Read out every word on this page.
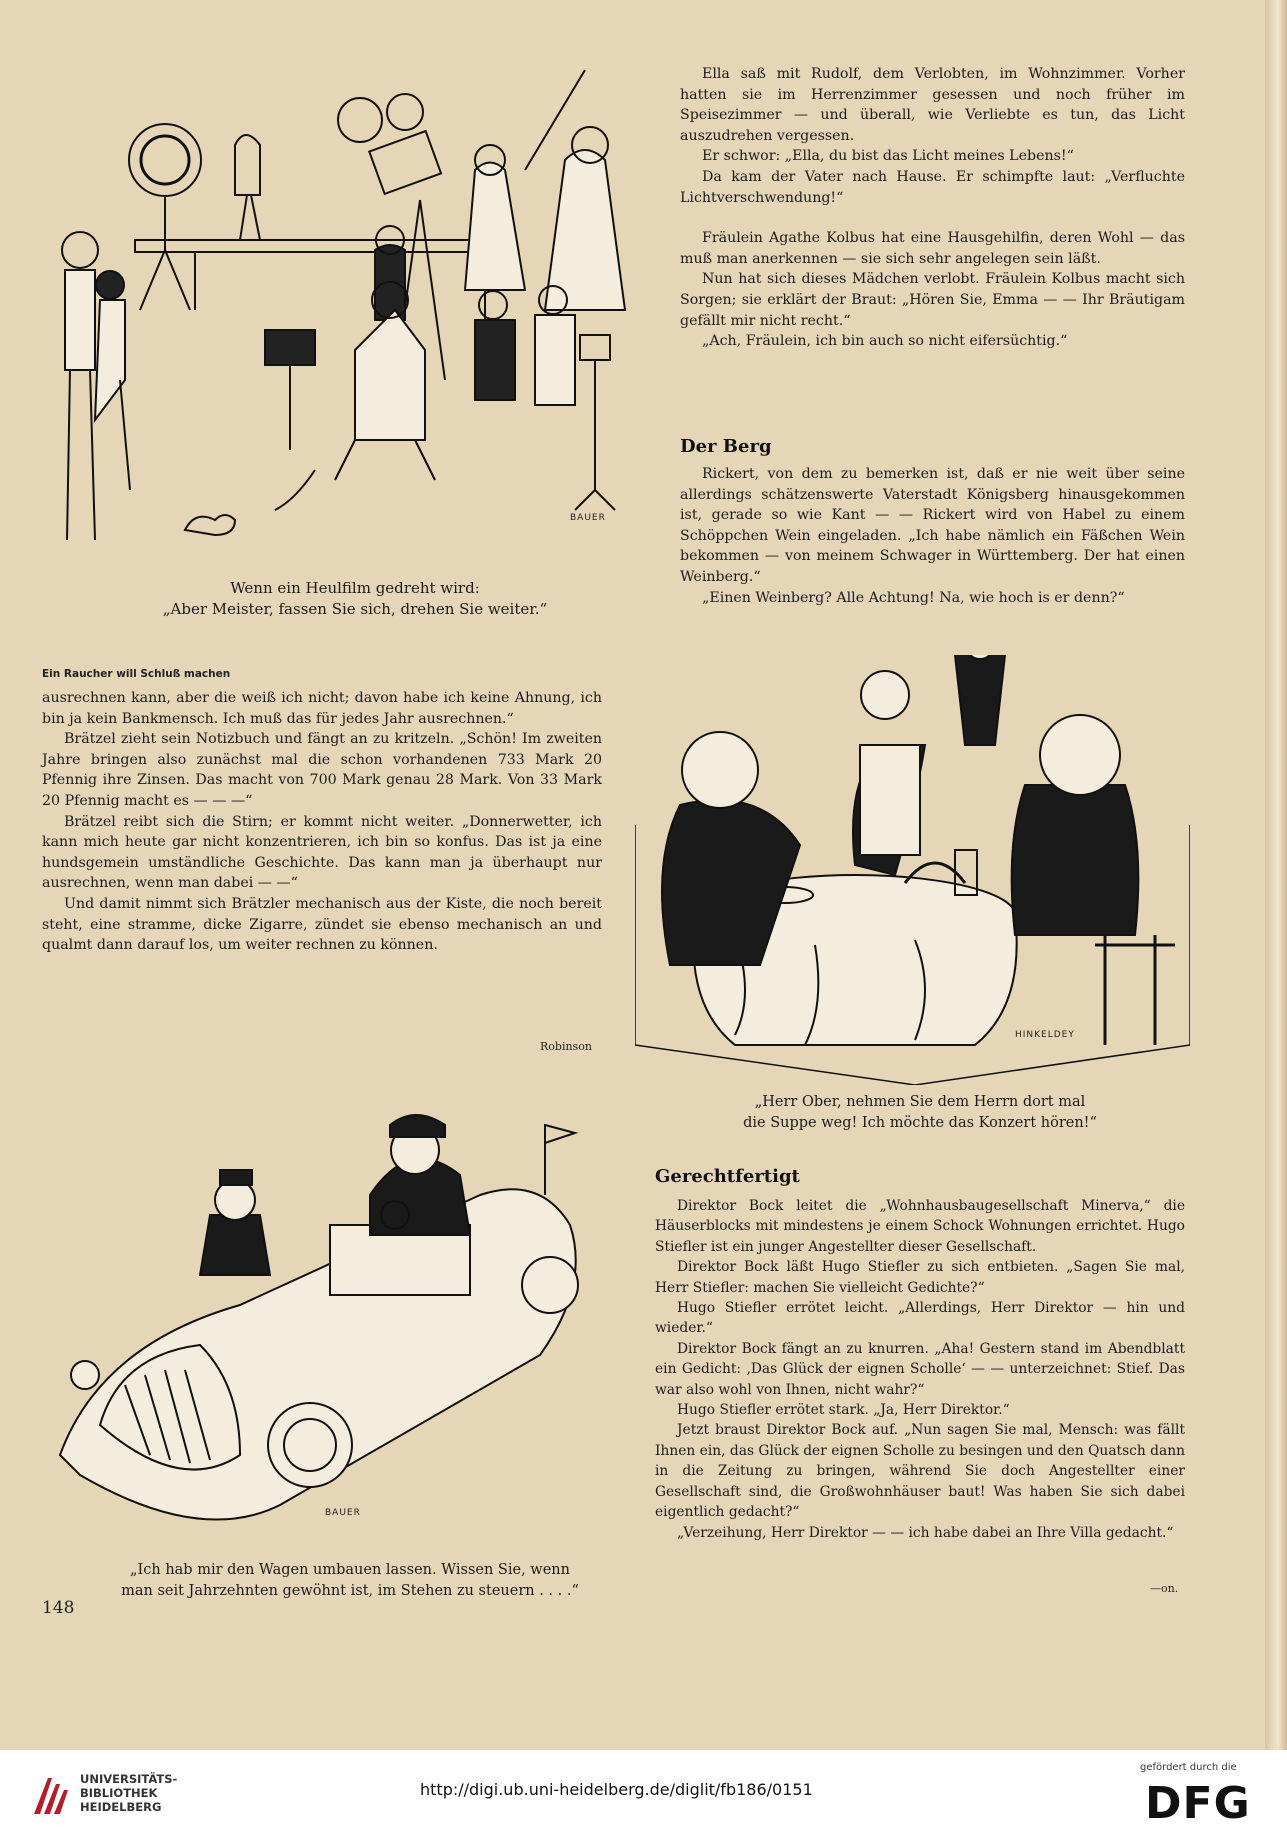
BAUER
Wenn ein Heulfilm gedreht wird:
„Aber Meister, fassen Sie sich, drehen Sie weiter.“

Ella saß mit Rudolf, dem Verlobten, im Wohnzimmer. Vorher hatten sie im Herrenzimmer gesessen und noch früher im Speisezimmer — und überall, wie Verliebte es tun, das Licht auszudrehen vergessen.

Er schwor: „Ella, du bist das Licht meines Lebens!“

Da kam der Vater nach Hause. Er schimpfte laut: „Verfluchte Lichtverschwendung!“

Fräulein Agathe Kolbus hat eine Hausgehilfin, deren Wohl — das muß man anerkennen — sie sich sehr angelegen sein läßt.

Nun hat sich dieses Mädchen verlobt. Fräulein Kolbus macht sich Sorgen; sie erklärt der Braut: „Hören Sie, Emma — — Ihr Bräutigam gefällt mir nicht recht.“

„Ach, Fräulein, ich bin auch so nicht eifersüchtig.“

Der Berg

Rickert, von dem zu bemerken ist, daß er nie weit über seine allerdings schätzenswerte Vaterstadt Königsberg hinausgekommen ist, gerade so wie Kant — — Rickert wird von Habel zu einem Schöppchen Wein eingeladen. „Ich habe nämlich ein Fäßchen Wein bekommen — von meinem Schwager in Württemberg. Der hat einen Weinberg.“

„Einen Weinberg? Alle Achtung! Na, wie hoch is er denn?“

Ein Raucher will Schluß machen

ausrechnen kann, aber die weiß ich nicht; davon habe ich keine Ahnung, ich bin ja kein Bankmensch. Ich muß das für jedes Jahr ausrechnen.“

Brätzel zieht sein Notizbuch und fängt an zu kritzeln. „Schön! Im zweiten Jahre bringen also zunächst mal die schon vorhandenen 733 Mark 20 Pfennig ihre Zinsen. Das macht von 700 Mark genau 28 Mark. Von 33 Mark 20 Pfennig macht es — — —“

Brätzel reibt sich die Stirn; er kommt nicht weiter. „Donnerwetter, ich kann mich heute gar nicht konzentrieren, ich bin so konfus. Das ist ja eine hundsgemein umständliche Geschichte. Das kann man ja überhaupt nur ausrechnen, wenn man dabei — —“

Und damit nimmt sich Brätzler mechanisch aus der Kiste, die noch bereit steht, eine stramme, dicke Zigarre, zündet sie ebenso mechanisch an und qualmt dann darauf los, um weiter rechnen zu können.

Robinson
HINKELDEY
„Herr Ober, nehmen Sie dem Herrn dort mal
die Suppe weg! Ich möchte das Konzert hören!“
BAUER
„Ich hab mir den Wagen umbauen lassen. Wissen Sie, wenn
man seit Jahrzehnten gewöhnt ist, im Stehen zu steuern . . . .“
148
Gerechtfertigt

Direktor Bock leitet die „Wohnhausbaugesellschaft Minerva,“ die Häuserblocks mit mindestens je einem Schock Wohnungen errichtet. Hugo Stiefler ist ein junger Angestellter dieser Gesellschaft.

Direktor Bock läßt Hugo Stiefler zu sich entbieten. „Sagen Sie mal, Herr Stiefler: machen Sie vielleicht Gedichte?“

Hugo Stiefler errötet leicht. „Allerdings, Herr Direktor — hin und wieder.“

Direktor Bock fängt an zu knurren. „Aha! Gestern stand im Abendblatt ein Gedicht: ‚Das Glück der eignen Scholle‘ — — unterzeichnet: Stief. Das war also wohl von Ihnen, nicht wahr?“

Hugo Stiefler errötet stark. „Ja, Herr Direktor.“

Jetzt braust Direktor Bock auf. „Nun sagen Sie mal, Mensch: was fällt Ihnen ein, das Glück der eignen Scholle zu besingen und den Quatsch dann in die Zeitung zu bringen, während Sie doch Angestellter einer Gesellschaft sind, die Großwohnhäuser baut! Was haben Sie sich dabei eigentlich gedacht?“

„Verzeihung, Herr Direktor — — ich habe dabei an Ihre Villa gedacht.“

—on.
UNIVERSITÄTS-
BIBLIOTHEK
HEIDELBERG
http://digi.ub.uni-heidelberg.de/diglit/fb186/0151
gefördert durch die
DFG
